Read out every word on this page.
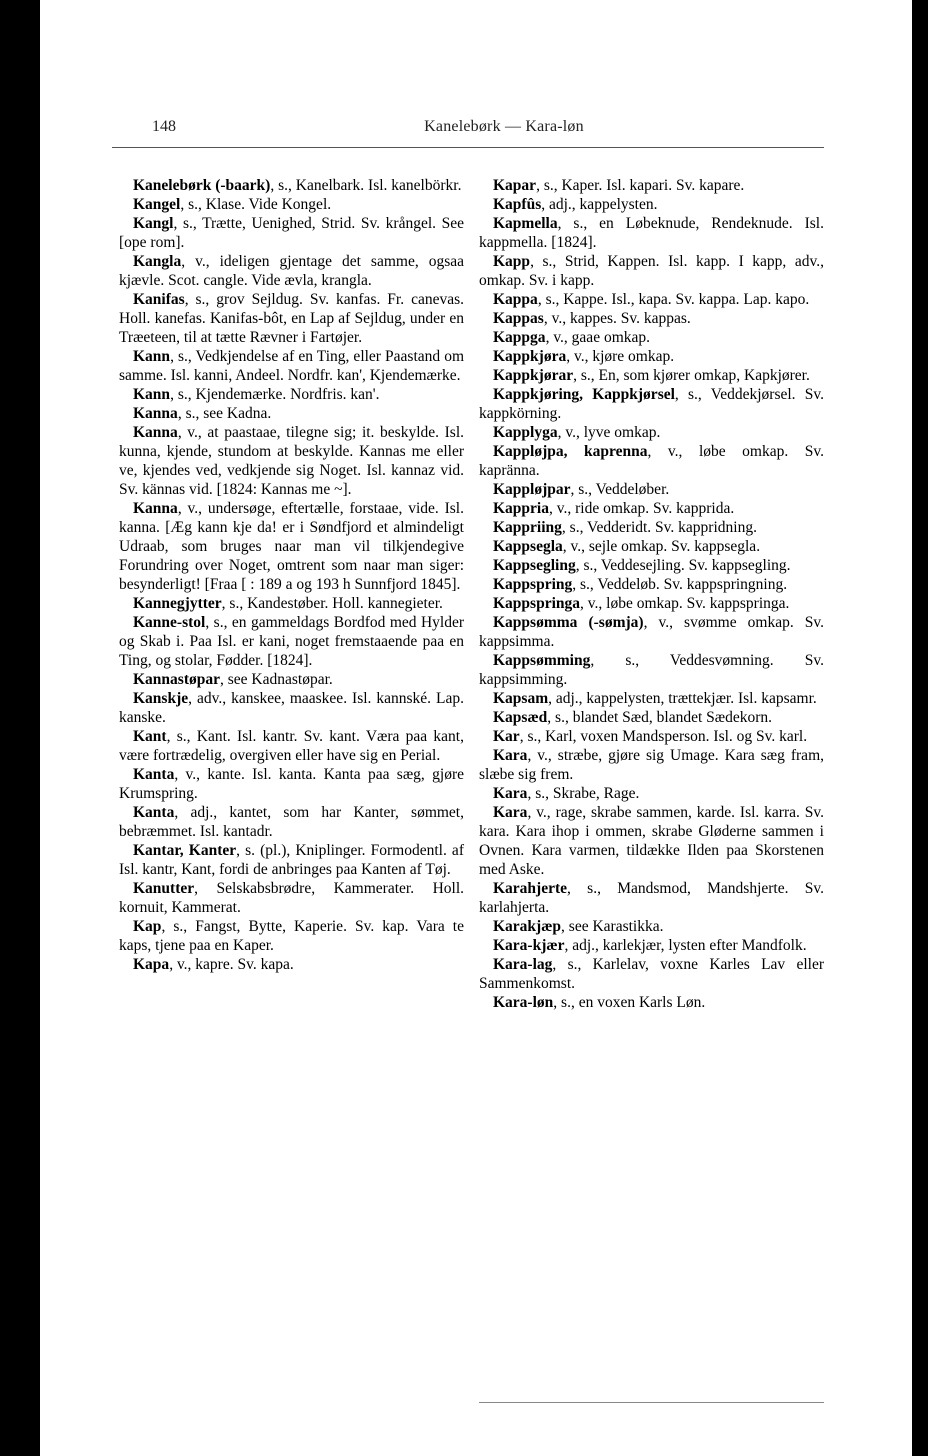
148	Kanelebørk — Kara-løn

Kanelebørk (-baark), s., Kanelbark. Isl. kanelbörkr.

Kangel, s., Klase. Vide Kongel.

Kangl, s., Trætte, Uenighed, Strid. Sv. krångel. See [ope rom].

Kangla, v., ideligen gjentage det samme, ogsaa kjævle. Scot. cangle. Vide ævla, krangla.

Kanifas, s., grov Sejldug. Sv. kanfas. Fr. canevas. Holl. kanefas. Kanifas-bôt, en Lap af Sejldug, under en Træeteen, til at tætte Rævner i Fartøjer.

Kann, s., Vedkjendelse af en Ting, eller Paastand om samme. Isl. kanni, Andeel. Nordfr. kan', Kjendemærke.

Kann, s., Kjendemærke. Nordfris. kan'.

Kanna, s., see Kadna.

Kanna, v., at paastaae, tilegne sig; it. beskylde. Isl. kunna, kjende, stundom at beskylde. Kannas me eller ve, kjendes ved, vedkjende sig Noget. Isl. kannaz vid. Sv. kännas vid. [1824: Kannas me ~].

Kanna, v., undersøge, eftertælle, forstaae, vide. Isl. kanna. [Æg kann kje da! er i Søndfjord et almindeligt Udraab, som bruges naar man vil tilkjendegive Forundring over Noget, omtrent som naar man siger: besynderligt! [Fraa [ : 189 a og 193 h Sunnfjord 1845].

Kannegjytter, s., Kandestøber. Holl. kannegieter.

Kanne-stol, s., en gammeldags Bordfod med Hylder og Skab i. Paa Isl. er kani, noget fremstaaende paa en Ting, og stolar, Fødder. [1824].

Kannastøpar, see Kadnastøpar.

Kanskje, adv., kanskee, maaskee. Isl. kannské. Lap. kanske.

Kant, s., Kant. Isl. kantr. Sv. kant. Væra paa kant, være fortrædelig, overgiven eller have sig en Perial.

Kanta, v., kante. Isl. kanta. Kanta paa sæg, gjøre Krumspring.

Kanta, adj., kantet, som har Kanter, sømmet, bebræmmet. Isl. kantadr.

Kantar, Kanter, s. (pl.), Kniplinger. Formodentl. af Isl. kantr, Kant, fordi de anbringes paa Kanten af Tøj.

Kanutter, Selskabsbrødre, Kammerater. Holl. kornuit, Kammerat.

Kap, s., Fangst, Bytte, Kaperie. Sv. kap. Vara te kaps, tjene paa en Kaper.

Kapa, v., kapre. Sv. kapa.

Kapar, s., Kaper. Isl. kapari. Sv. kapare.

Kapfûs, adj., kappelysten.

Kapmella, s., en Løbeknude, Rendeknude. Isl. kappmella. [1824].

Kapp, s., Strid, Kappen. Isl. kapp. I kapp, adv., omkap. Sv. i kapp.

Kappa, s., Kappe. Isl., kapa. Sv. kappa. Lap. kapo.

Kappas, v., kappes. Sv. kappas.

Kappga, v., gaae omkap.

Kappkjøra, v., kjøre omkap.

Kappkjørar, s., En, som kjører omkap, Kapkjører.

Kappkjøring, Kappkjørsel, s., Veddekjørsel. Sv. kappkörning.

Kapplyga, v., lyve omkap.

Kappløjpa, kaprenna, v., løbe omkap. Sv. kapränna.

Kappløjpar, s., Veddeløber.

Kappria, v., ride omkap. Sv. kapprida.

Kappriing, s., Vedderidt. Sv. kappridning.

Kappsegla, v., sejle omkap. Sv. kappsegla.

Kappsegling, s., Veddesejling. Sv. kappsegling.

Kappspring, s., Veddeløb. Sv. kappspringning.

Kappspringa, v., løbe omkap. Sv. kappspringa.

Kappsømma (-sømja), v., svømme omkap. Sv. kappsimma.

Kappsømming, s., Veddesvømning. Sv. kappsimming.

Kapsam, adj., kappelysten, trættekjær. Isl. kapsamr.

Kapsæd, s., blandet Sæd, blandet Sædekorn.

Kar, s., Karl, voxen Mandsperson. Isl. og Sv. karl.

Kara, v., stræbe, gjøre sig Umage. Kara sæg fram, slæbe sig frem.

Kara, s., Skrabe, Rage.

Kara, v., rage, skrabe sammen, karde. Isl. karra. Sv. kara. Kara ihop i ommen, skrabe Gløderne sammen i Ovnen. Kara varmen, tildække Ilden paa Skorstenen med Aske.

Karahjerte, s., Mandsmod, Mandshjerte. Sv. karlahjerta.

Karakjæp, see Karastikka.

Kara-kjær, adj., karlekjær, lysten efter Mandfolk.

Kara-lag, s., Karlelav, voxne Karles Lav eller Sammenkomst.

Kara-løn, s., en voxen Karls Løn.
